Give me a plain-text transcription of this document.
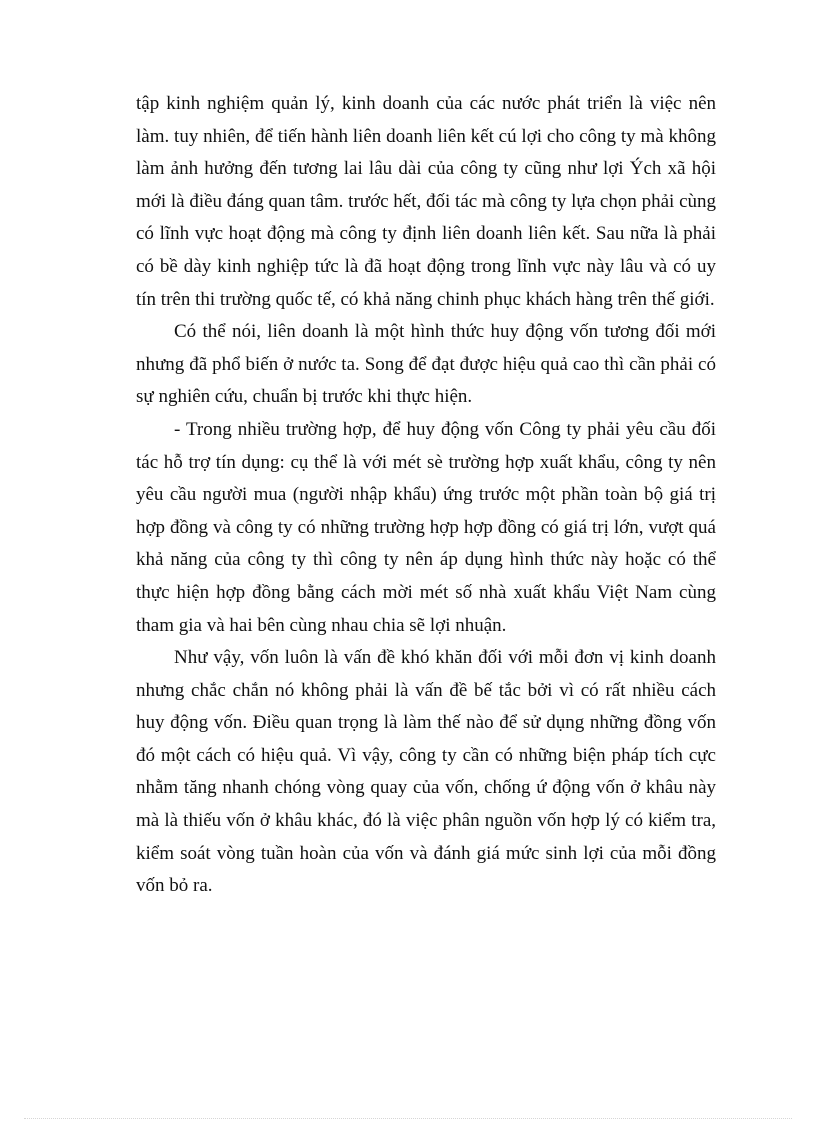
tập kinh nghiệm quản lý, kinh doanh của các nước phát triển là việc nên làm. tuy nhiên, để tiến hành liên doanh liên kết cú lợi cho công ty mà không làm ảnh hưởng đến tương lai lâu dài của công ty cũng như lợi Ých xã hội mới là điều đáng quan tâm. trước hết, đối tác mà công ty lựa chọn phải cùng có lĩnh vực hoạt động mà công ty định liên doanh liên kết. Sau nữa là phải có bề dày kinh nghiệp tức là đã hoạt động trong lĩnh vực này lâu và có uy tín trên thi trường quốc tế, có khả năng chinh phục khách hàng trên thế giới.

Có thể nói, liên doanh là một hình thức huy động vốn tương đối mới nhưng đã phổ biến ở nước ta. Song để đạt được hiệu quả cao thì cần phải có sự nghiên cứu, chuẩn bị trước khi thực hiện.

- Trong nhiều trường hợp, để huy động vốn Công ty phải yêu cầu đối tác hỗ trợ tín dụng: cụ thể là với mét sè trường hợp xuất khẩu, công ty nên yêu cầu người mua (người nhập khẩu) ứng trước một phần toàn bộ giá trị hợp đồng và công ty có những trường hợp hợp đồng có giá trị lớn, vượt quá khả năng của công ty thì công ty nên áp dụng hình thức này hoặc có thể thực hiện hợp đồng bằng cách mời mét số nhà xuất khẩu Việt Nam cùng tham gia và hai bên cùng nhau chia sẽ lợi nhuận.

Như vậy, vốn luôn là vấn đề khó khăn đối với mỗi đơn vị kinh doanh nhưng chắc chắn nó không phải là vấn đề bế tắc bởi vì có rất nhiều cách huy động vốn. Điều quan trọng là làm thế nào để sử dụng những đồng vốn đó một cách có hiệu quả. Vì vậy, công ty cần có những biện pháp tích cực nhằm tăng nhanh chóng vòng quay của vốn, chống ứ động vốn ở khâu này mà là thiếu vốn ở khâu khác, đó là việc phân nguồn vốn hợp lý có kiểm tra, kiểm soát vòng tuần hoàn của vốn và đánh giá mức sinh lợi của mỗi đồng vốn bỏ ra.
